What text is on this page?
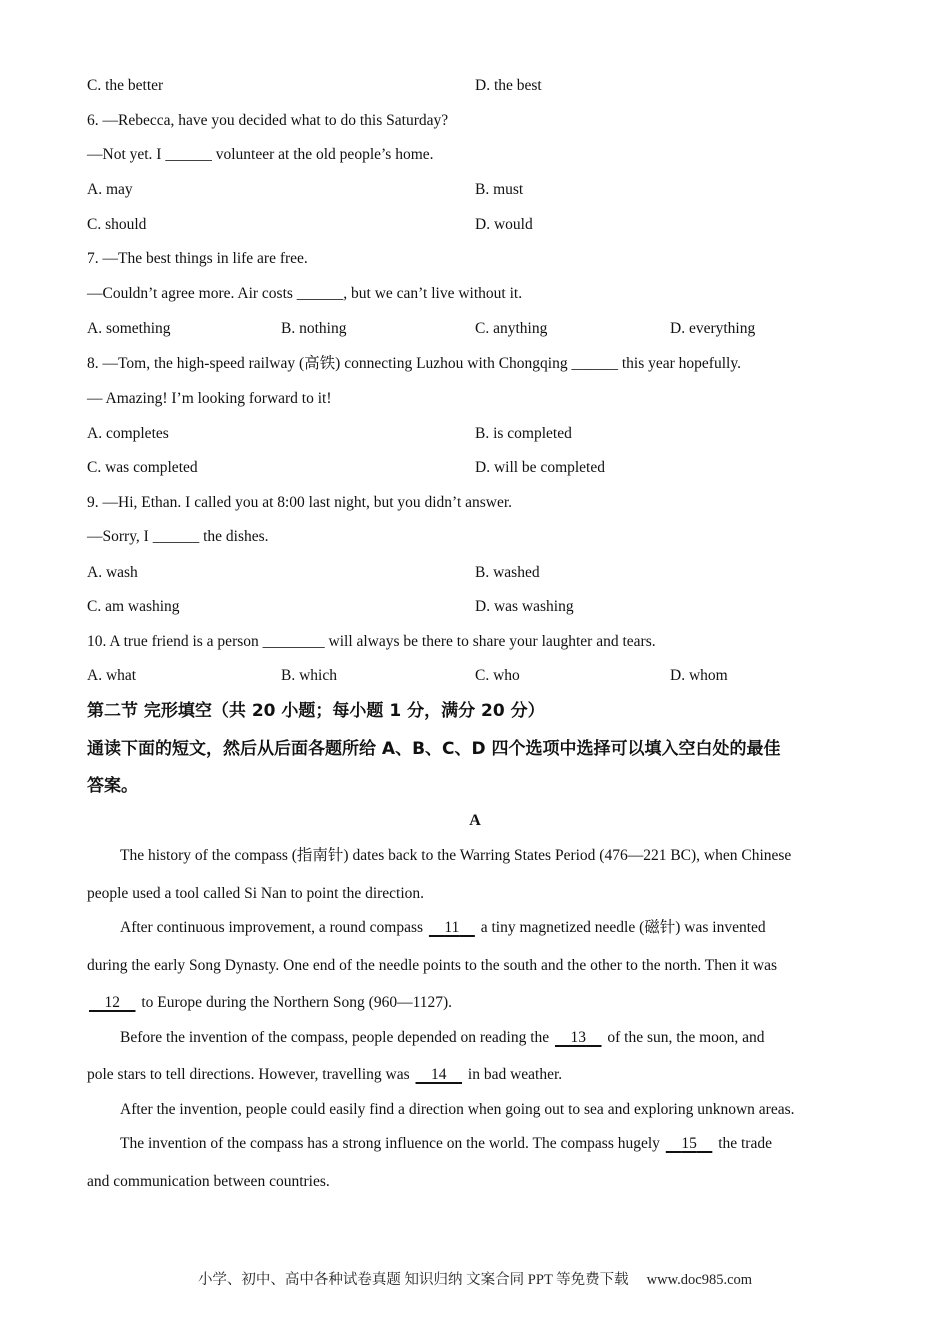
C. the better	D. the best
6. —Rebecca, have you decided what to do this Saturday?
—Not yet. I ______ volunteer at the old people’s home.
A. may	B. must
C. should	D. would
7. —The best things in life are free.
—Couldn’t agree more. Air costs ______, but we can’t live without it.
A. something	B. nothing	C. anything	D. everything
8. —Tom, the high-speed railway (高铁) connecting Luzhou with Chongqing ______ this year hopefully.
— Amazing! I’m looking forward to it!
A. completes	B. is completed
C. was completed	D. will be completed
9. —Hi, Ethan. I called you at 8:00 last night, but you didn’t answer.
—Sorry, I ______ the dishes.
A. wash	B. washed
C. am washing	D. was washing
10. A true friend is a person ________ will always be there to share your laughter and tears.
A. what	B. which	C. who	D. whom
第二节 完形填空（共 20 小题；每小题 1 分，满分 20 分）
通读下面的短文，然后从后面各题所给 A、B、C、D 四个选项中选择可以填入空白处的最佳
答案。
A
The history of the compass (指南针) dates back to the Warring States Period (476—221 BC), when Chinese
people used a tool called Si Nan to point the direction.
After continuous improvement, a round compass     11     a tiny magnetized needle (磁针) was invented
during the early Song Dynasty. One end of the needle points to the south and the other to the north. Then it was
12     to Europe during the Northern Song (960—1127).
Before the invention of the compass, people depended on reading the     13     of the sun, the moon, and
pole stars to tell directions. However, travelling was     14     in bad weather.
After the invention, people could easily find a direction when going out to sea and exploring unknown areas.
The invention of the compass has a strong influence on the world. The compass hugely     15     the trade
and communication between countries.
小学、初中、高中各种试卷真题 知识归纳 文案合同 PPT 等免费下载 www.doc985.com
